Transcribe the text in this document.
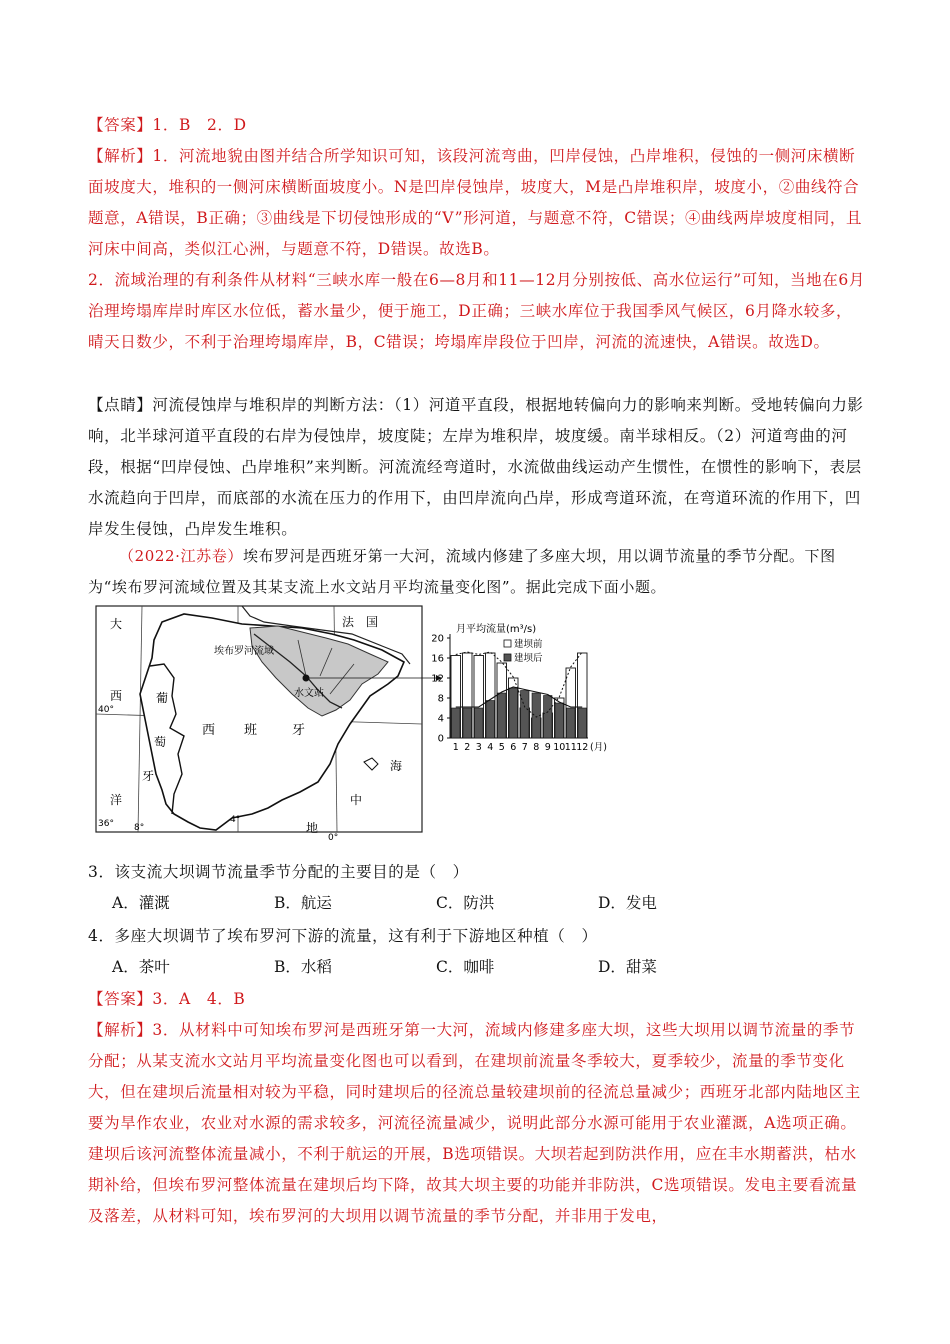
【答案】1．B　2．D
【解析】1．河流地貌由图并结合所学知识可知，该段河流弯曲，凹岸侵蚀，凸岸堆积，侵蚀的一侧河床横断面坡度大，堆积的一侧河床横断面坡度小。N是凹岸侵蚀岸，坡度大，M是凸岸堆积岸，坡度小，②曲线符合题意，A错误，B正确；③曲线是下切侵蚀形成的“V”形河道，与题意不符，C错误；④曲线两岸坡度相同，且河床中间高，类似江心洲，与题意不符，D错误。故选B。
2．流域治理的有利条件从材料“三峡水库一般在6—8月和11—12月分别按低、高水位运行”可知，当地在6月治理垮塌库岸时库区水位低，蓄水量少，便于施工，D正确；三峡水库位于我国季风气候区，6月降水较多，晴天日数少，不利于治理垮塌库岸，B，C错误；垮塌库岸段位于凹岸，河流的流速快，A错误。故选D。
【点睛】河流侵蚀岸与堆积岸的判断方法：（1）河道平直段，根据地转偏向力的影响来判断。受地转偏向力影响，北半球河道平直段的右岸为侵蚀岸，坡度陡；左岸为堆积岸，坡度缓。南半球相反。（2）河道弯曲的河段，根据“凹岸侵蚀、凸岸堆积”来判断。河流流经弯道时，水流做曲线运动产生惯性，在惯性的影响下，表层水流趋向于凹岸，而底部的水流在压力的作用下，由凹岸流向凸岸，形成弯道环流，在弯道环流的作用下，凹岸发生侵蚀，凸岸发生堆积。
（2022·江苏卷）埃布罗河是西班牙第一大河，流域内修建了多座大坝，用以调节流量的季节分配。下图为“埃布罗河流域位置及其某支流上水文站月平均流量变化图”。据此完成下面小题。
大
西
洋
葡
萄
牙
西 班	牙
法　国
埃布罗河流域
水文站
地
中
海
40°
36° 8°
4°
0°
0
4
8
12
16
20
1 2 3 4 5 6 7 8 9 10 11 12
月平均流量(m³/s)
(月)
建坝前
建坝后
3．该支流大坝调节流量季节分配的主要目的是（　）
A．灌溉	B．航运	C．防洪	D．发电
4．多座大坝调节了埃布罗河下游的流量，这有利于下游地区种植（　）
A．茶叶	B．水稻	C．咖啡	D．甜菜
【答案】3．A　4．B
【解析】3．从材料中可知埃布罗河是西班牙第一大河，流域内修建多座大坝，这些大坝用以调节流量的季节分配；从某支流水文站月平均流量变化图也可以看到，在建坝前流量冬季较大，夏季较少，流量的季节变化大，但在建坝后流量相对较为平稳，同时建坝后的径流总量较建坝前的径流总量减少；西班牙北部内陆地区主要为旱作农业，农业对水源的需求较多，河流径流量减少，说明此部分水源可能用于农业灌溉，A选项正确。建坝后该河流整体流量减小，不利于航运的开展，B选项错误。大坝若起到防洪作用，应在丰水期蓄洪，枯水期补给，但埃布罗河整体流量在建坝后均下降，故其大坝主要的功能并非防洪，C选项错误。发电主要看流量及落差，从材料可知，埃布罗河的大坝用以调节流量的季节分配，并非用于发电，
